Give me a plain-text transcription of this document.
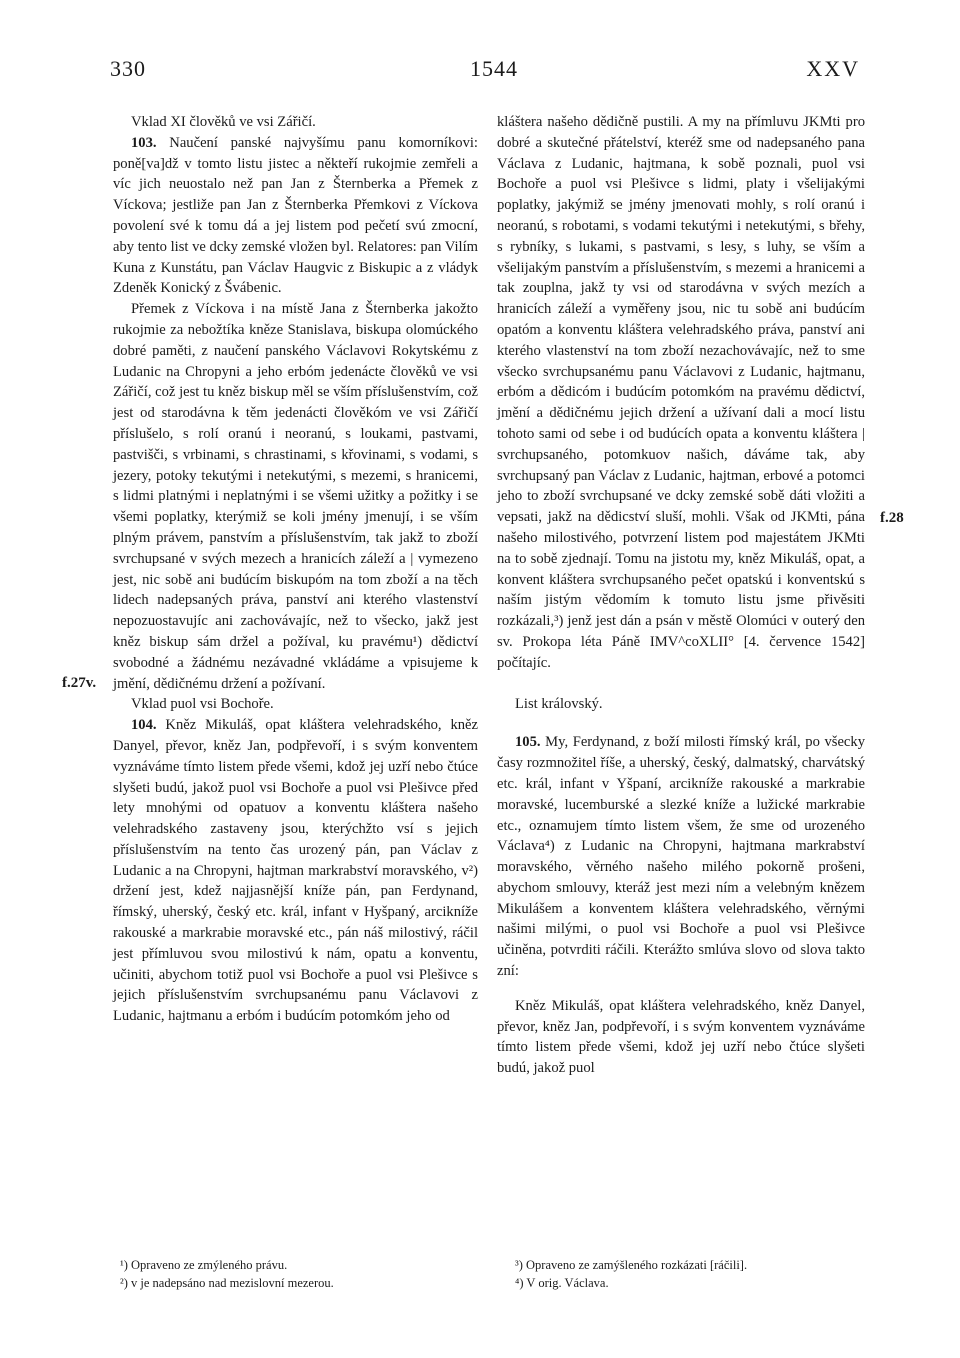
330	1544	XXV

Vklad XI člověků ve vsi Zářičí.

103. Naučení panské najvyšímu panu komorníkovi: poně[va]dž v tomto listu jistec a někteří rukojmie zemřeli a víc jich neuostalo než pan Jan z Šternberka a Přemek z Víckova; jestliže pan Jan z Šternberka Přemkovi z Víckova povolení své k tomu dá a jej listem pod pečetí svú zmocní, aby tento list ve dcky zemské vložen byl. Relatores: pan Vilím Kuna z Kunstátu, pan Václav Haugvic z Biskupic a z vládyk Zdeněk Konický z Švábenic.

Přemek z Víckova i na místě Jana z Šternberka jakožto rukojmie za nebožtíka kněze Stanislava, biskupa olomúckého dobré paměti, z naučení panského Václavovi Rokytskému z Ludanic na Chropyni a jeho erbóm jedenácte člověků ve vsi Zářičí, což jest tu kněz biskup měl se vším příslušenstvím, což jest od starodávna k těm jedenácti člověkóm ve vsi Zářičí příslušelo, s rolí oranú i neoranú, s loukami, pastvami, pastvišči, s vrbinami, s chrastinami, s křovinami, s vodami, s jezery, potoky tekutými i netekutými, s mezemi, s hranicemi, s lidmi platnými i neplatnými i se všemi užitky a požitky i se všemi poplatky, kterýmiž se koli jmény jmenují, i se vším plným právem, panstvím a příslušenstvím, tak jakž to zboží svrchupsané v svých mezech a hranicích záleží a | vymezeno jest, nic sobě ani budúcím biskupóm na tom zboží a na těch lidech nadepsaných práva, panství ani kterého vlastenství nepozuostavujíc ani zachovávajíc, než to všecko, jakž jest kněz biskup sám držel a požíval, ku pravému¹) dědictví svobodné a žádnému nezávadné vkládáme a vpisujeme k jmění, dědičnému držení a požívaní.

Vklad puol vsi Bochoře.

104. Kněz Mikuláš, opat kláštera velehradského, kněz Danyel, převor, kněz Jan, podpřevoří, i s svým konventem vyznáváme tímto listem přede všemi, kdož jej uzří nebo čtúce slyšeti budú, jakož puol vsi Bochoře a puol vsi Plešivce před lety mnohými od opatuov a konventu kláštera našeho velehradského zastaveny jsou, kterýchžto vsí s jejich příslušenstvím na tento čas urozený pán, pan Václav z Ludanic a na Chropyni, hajtman markrabství moravského, v²) držení jest, kdež najjasnější kníže pán, pan Ferdynand, římský, uherský, český etc. král, infant v Hyšpaný, arcikníže rakouské a markrabie moravské etc., pán náš milostivý, ráčil jest přímluvou svou milostivú k nám, opatu a konventu, učiniti, abychom totiž puol vsi Bochoře a puol vsi Plešivce s jejich příslušenstvím svrchupsanému panu Václavovi z Ludanic, hajtmanu a erbóm i budúcím potomkóm jeho od

kláštera našeho dědičně pustili. A my na přímluvu JKMti pro dobré a skutečné přátelství, kteréž sme od nadepsaného pana Václava z Ludanic, hajtmana, k sobě poznali, puol vsi Bochoře a puol vsi Plešivce s lidmi, platy i všelijakými poplatky, jakýmiž se jmény jmenovati mohly, s rolí oranú i neoranú, s robotami, s vodami tekutými i netekutými, s břehy, s rybníky, s lukami, s pastvami, s lesy, s luhy, se vším a všelijakým panstvím a příslušenstvím, s mezemi a hranicemi a tak zouplna, jakž ty vsi od starodávna v svých mezích a hranicích záleží a vyměřeny jsou, nic tu sobě ani budúcím opatóm a konventu kláštera velehradského práva, panství ani kterého vlastenství na tom zboží nezachovávajíc, než to sme všecko svrchupsanému panu Václavovi z Ludanic, hajtmanu, erbóm a dědicóm i budúcím potomkóm na pravému dědictví, jmění a dědičnému jejich držení a užívaní dali a mocí listu tohoto sami od sebe i od budúcích opata a konventu kláštera | svrchupsaného, potomkuov našich, dáváme tak, aby svrchupsaný pan Václav z Ludanic, hajtman, erbové a potomci jeho to zboží svrchupsané ve dcky zemské sobě dáti vložiti a vepsati, jakž na dědicství sluší, mohli. Však od JKMti, pána našeho milostivého, potvrzení listem pod majestátem JKMti na to sobě zjednají. Tomu na jistotu my, kněz Mikuláš, opat, a konvent kláštera svrchupsaného pečet opatskú i konventskú s naším jistým vědomím k tomuto listu jsme přivěsiti rozkázali,³) jenž jest dán a psán v městě Olomúci v outerý den sv. Prokopa léta Páně IMV^coXLII° [4. července 1542] počítajíc.

List královský.

105. My, Ferdynand, z boží milosti římský král, po všecky časy rozmnožitel říše, a uherský, český, dalmatský, charvátský etc. král, infant v Yšpaní, arcikníže rakouské a markrabie moravské, lucemburské a slezké kníže a lužické markrabie etc., oznamujem tímto listem všem, že sme od urozeného Václava⁴) z Ludanic na Chropyni, hajtmana markrabství moravského, věrného našeho milého pokorně prošeni, abychom smlouvy, kteráž jest mezi ním a velebným knězem Mikulášem a konventem kláštera velehradského, věrnými našimi milými, o puol vsi Bochoře a puol vsi Plešivce učiněna, potvrditi ráčili. Kterážto smlúva slovo od slova takto zní:

Kněz Mikuláš, opat kláštera velehradského, kněz Danyel, převor, kněz Jan, podpřevoří, i s svým konventem vyznáváme tímto listem přede všemi, kdož jej uzří nebo čtúce slyšeti budú, jakož puol

f.27v.
f.28
¹) Opraveno ze zmýleného právu.
²) v je nadepsáno nad mezislovní mezerou.
³) Opraveno ze zamýšleného rozkázati [ráčili].
⁴) V orig. Václava.
